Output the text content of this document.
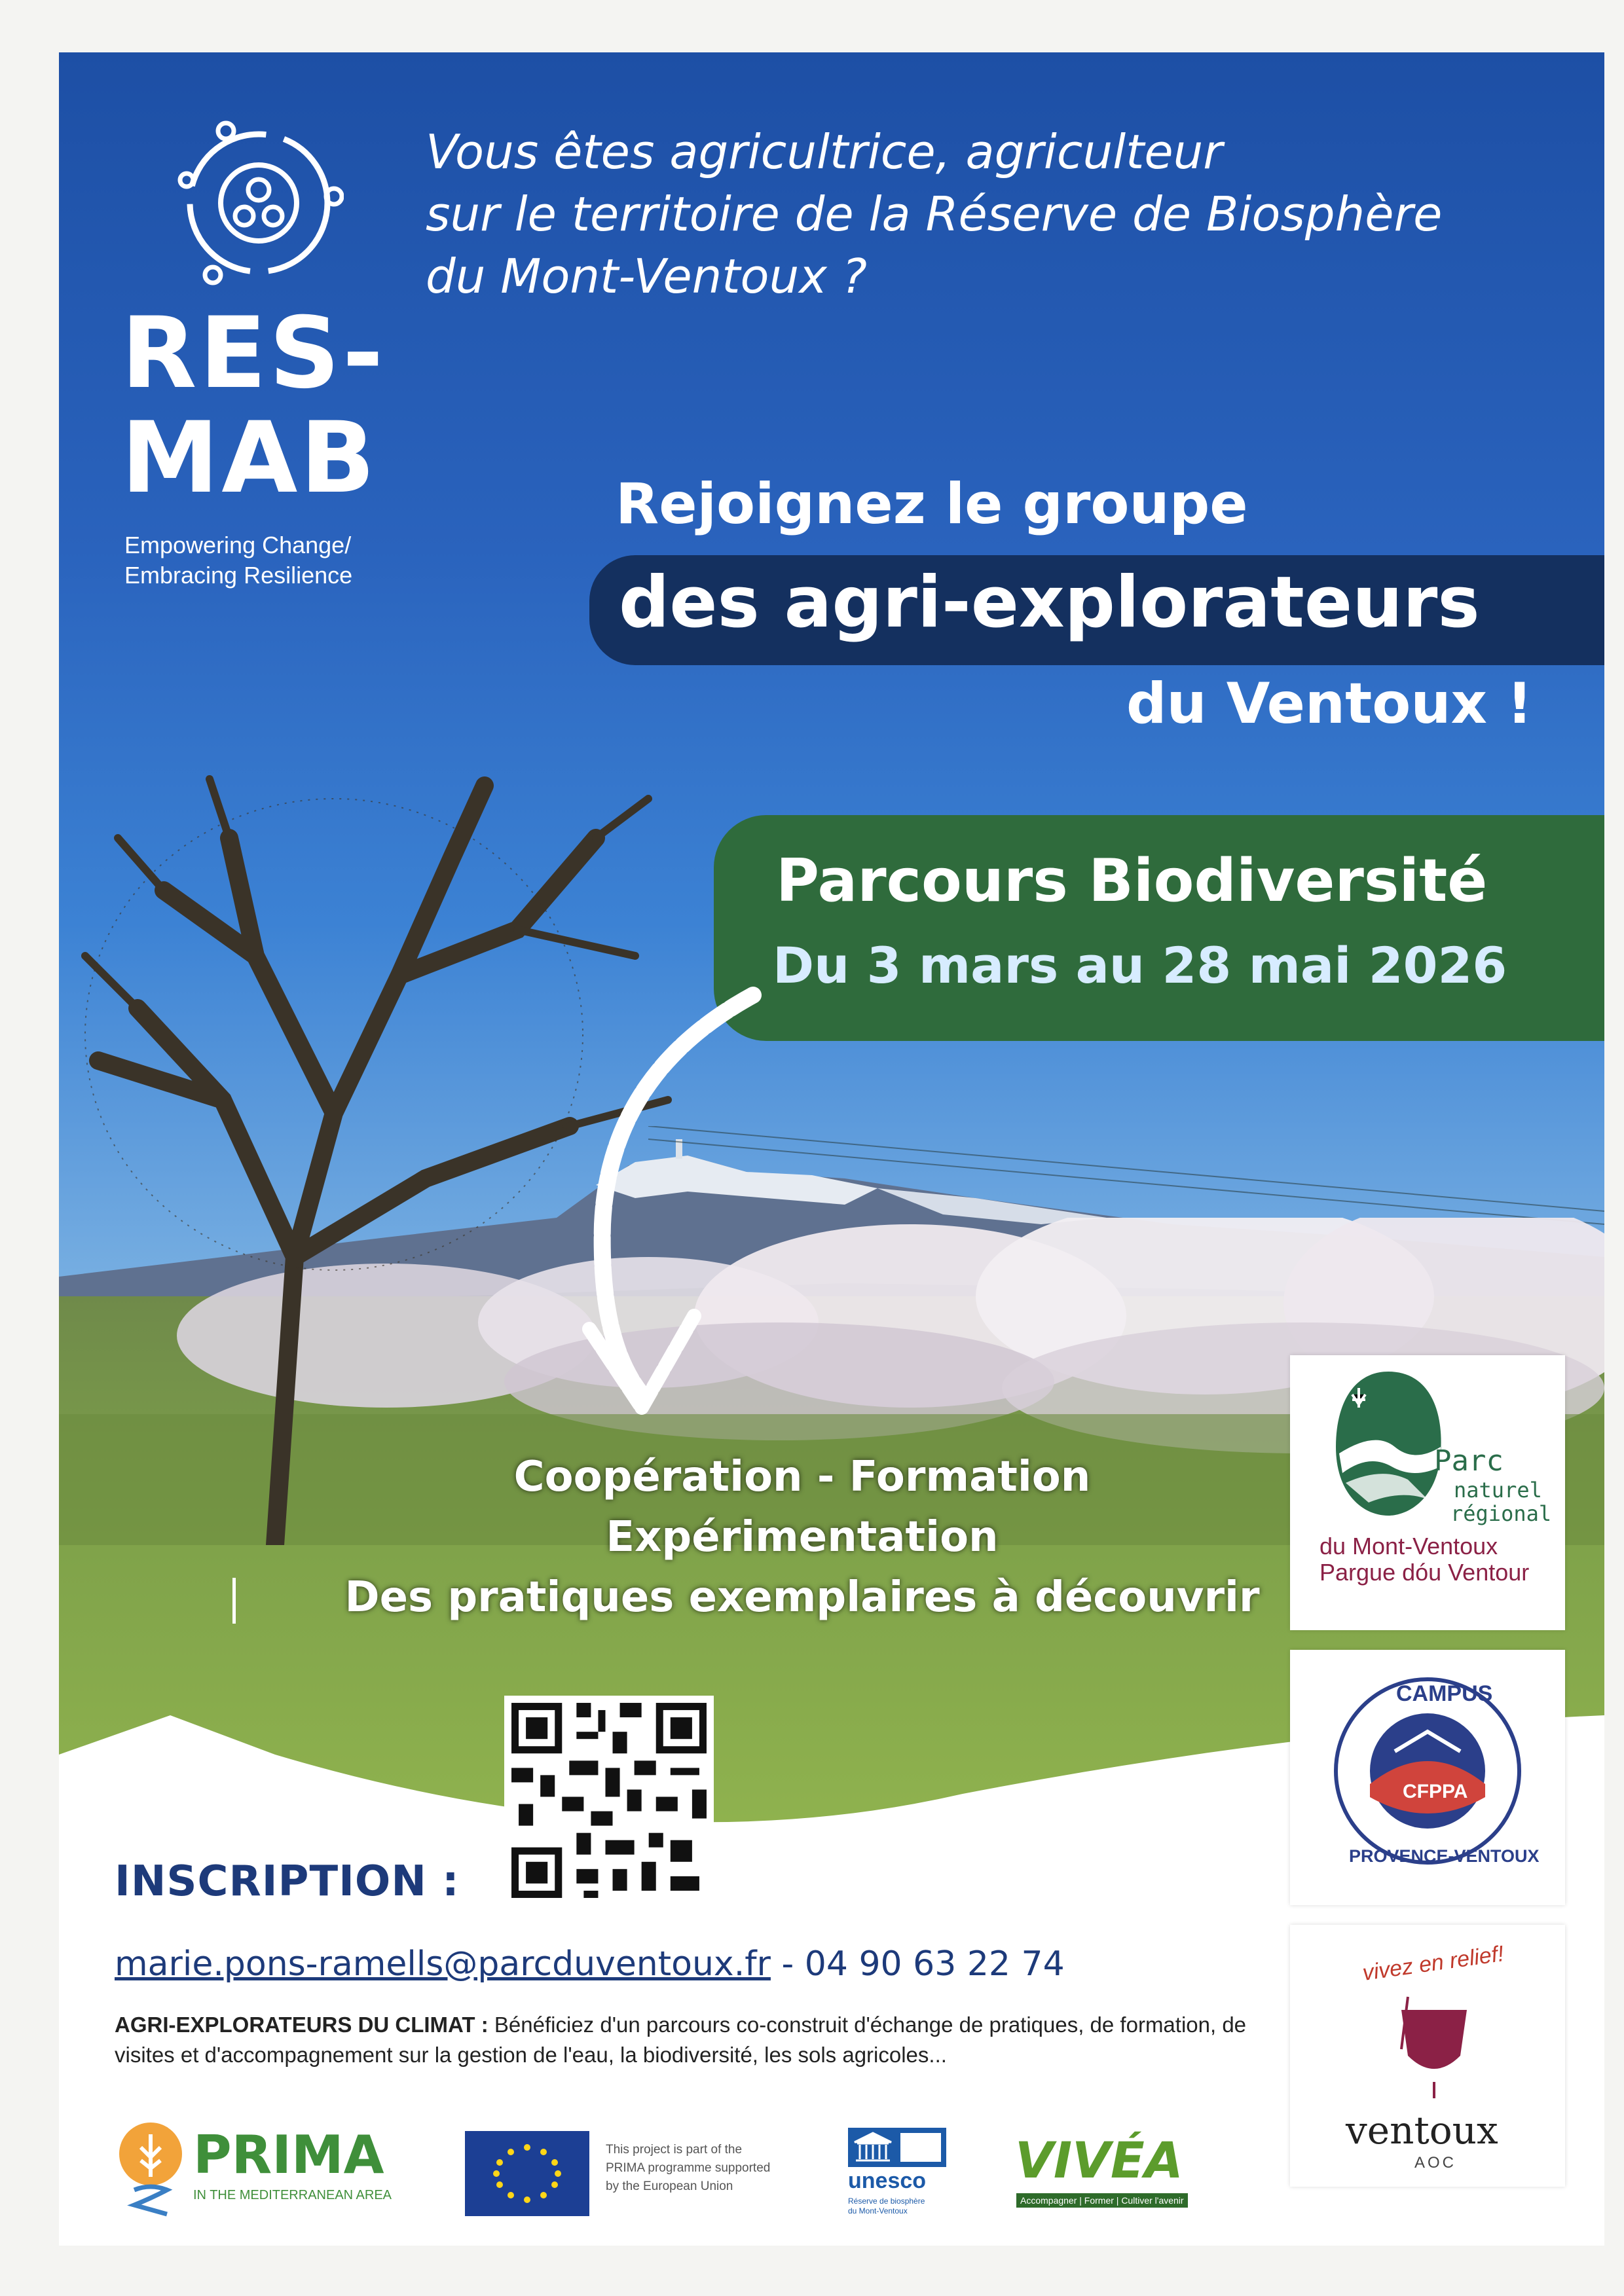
RES-
MAB
Empowering Change/
Embracing Resilience
Vous êtes agricultrice, agriculteur
sur le territoire de la Réserve de Biosphère
du Mont-Ventoux ?
Rejoignez le groupe
des agri-explorateurs
du Ventoux !
Parcours Biodiversité
Du 3 mars au 28 mai 2026
Coopération - Formation
Expérimentation
Des pratiques exemplaires à découvrir
INSCRIPTION :
marie.pons-ramells@parcduventoux.fr - 04 90 63 22 74
AGRI-EXPLORATEURS DU CLIMAT : Bénéficiez d'un parcours co-construit d'échange de pratiques, de formation, de visites et d'accompagnement sur la gestion de l'eau, la biodiversité, les sols agricoles...
Parc
naturel
régional
du Mont-Ventoux
Pargue dóu Ventour
CAMPUS
CFPPA
PROVENCE-VENTOUX
vivez en relief!
ventoux
AOC
PRIMA
IN THE MEDITERRANEAN AREA
This project is part of the
PRIMA programme supported
by the European Union	unesco
Réserve de biosphère
du Mont-Ventoux
VIVÉA
Accompagner | Former | Cultiver l'avenir
